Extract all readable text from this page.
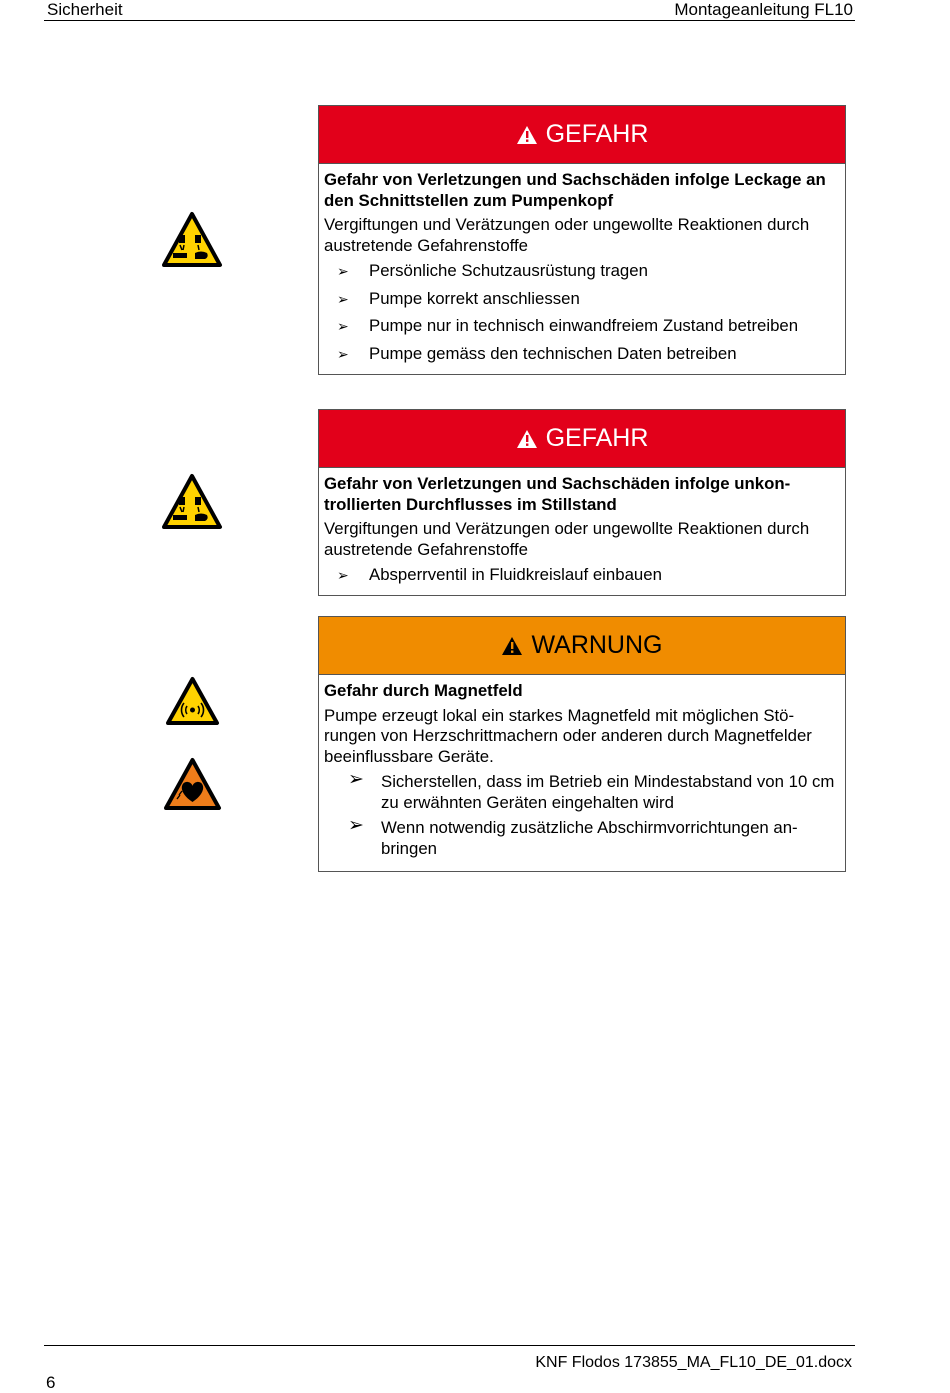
Sicherheit	Montageanleitung FL10
GEFAHR
Gefahr von Verletzungen und Sachschäden infolge Leckage an den Schnittstellen zum Pumpenkopf
Vergiftungen und Verätzungen oder ungewollte Reaktionen durch austretende Gefahrenstoffe
➢ Persönliche Schutzausrüstung tragen
➢ Pumpe korrekt anschliessen
➢ Pumpe nur in technisch einwandfreiem Zustand betreiben
➢ Pumpe gemäss den technischen Daten betreiben
GEFAHR
Gefahr von Verletzungen und Sachschäden infolge unkon-trollierten Durchflusses im Stillstand
Vergiftungen und Verätzungen oder ungewollte Reaktionen durch austretende Gefahrenstoffe
➢ Absperrventil in Fluidkreislauf einbauen
WARNUNG
Gefahr durch Magnetfeld
Pumpe erzeugt lokal ein starkes Magnetfeld mit möglichen Stö-rungen von Herzschrittmachern oder anderen durch Magnetfelder beeinflussbare Geräte.
➢ Sicherstellen, dass im Betrieb ein Mindestabstand von 10 cm zu erwähnten Geräten eingehalten wird
➢ Wenn notwendig zusätzliche Abschirmvorrichtungen an-bringen
KNF Flodos 173855_MA_FL10_DE_01.docx
6
